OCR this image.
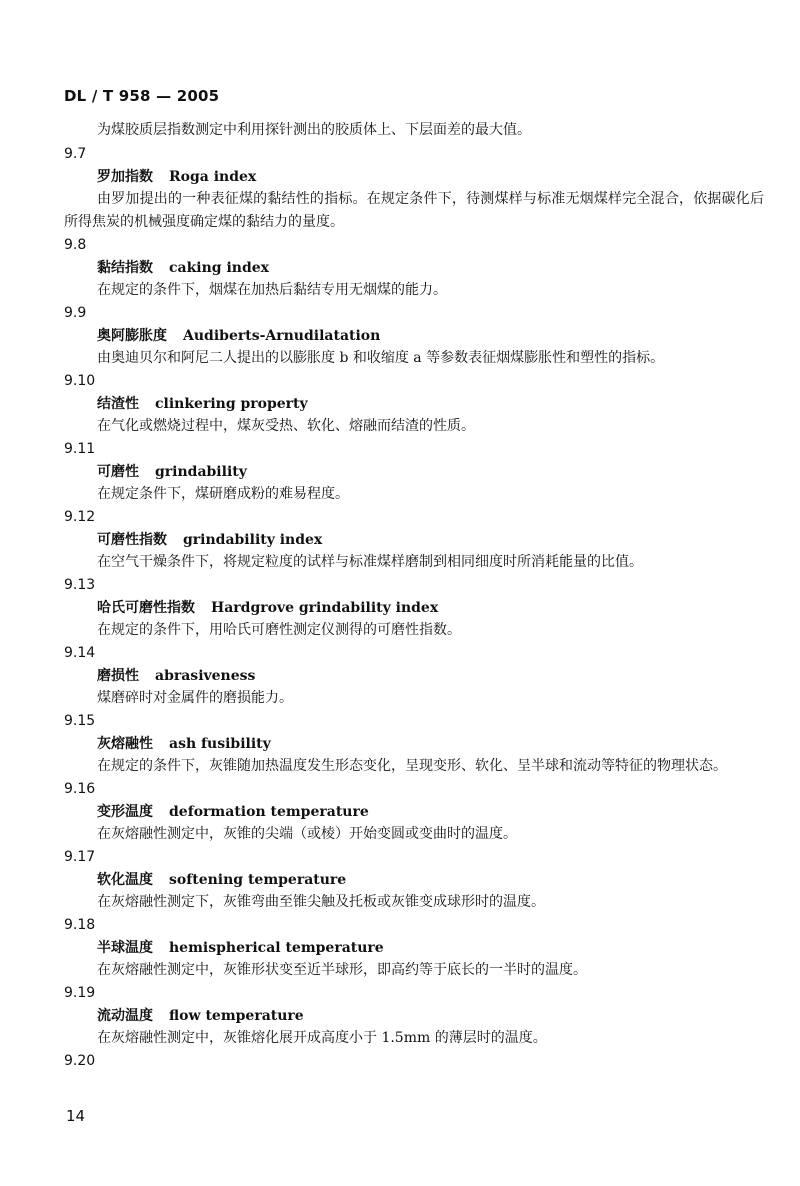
DL / T 958 — 2005
为煤胶质层指数测定中利用探针测出的胶质体上、下层面差的最大值。
9.7
罗加指数 Roga index
由罗加提出的一种表征煤的黏结性的指标。在规定条件下，待测煤样与标准无烟煤样完全混合，依据碳化后所得焦炭的机械强度确定煤的黏结力的量度。
9.8
黏结指数 caking index
在规定的条件下，烟煤在加热后黏结专用无烟煤的能力。
9.9
奥阿膨胀度 Audiberts-Arnudilatation
由奥迪贝尔和阿尼二人提出的以膨胀度 b 和收缩度 a 等参数表征烟煤膨胀性和塑性的指标。
9.10
结渣性 clinkering property
在气化或燃烧过程中，煤灰受热、软化、熔融而结渣的性质。
9.11
可磨性 grindability
在规定条件下，煤研磨成粉的难易程度。
9.12
可磨性指数 grindability index
在空气干燥条件下，将规定粒度的试样与标准煤样磨制到相同细度时所消耗能量的比值。
9.13
哈氏可磨性指数 Hardgrove grindability index
在规定的条件下，用哈氏可磨性测定仪测得的可磨性指数。
9.14
磨损性 abrasiveness
煤磨碎时对金属件的磨损能力。
9.15
灰熔融性 ash fusibility
在规定的条件下，灰锥随加热温度发生形态变化，呈现变形、软化、呈半球和流动等特征的物理状态。
9.16
变形温度 deformation temperature
在灰熔融性测定中，灰锥的尖端（或棱）开始变圆或变曲时的温度。
9.17
软化温度 softening temperature
在灰熔融性测定下，灰锥弯曲至锥尖触及托板或灰锥变成球形时的温度。
9.18
半球温度 hemispherical temperature
在灰熔融性测定中，灰锥形状变至近半球形，即高约等于底长的一半时的温度。
9.19
流动温度 flow temperature
在灰熔融性测定中，灰锥熔化展开成高度小于 1.5mm 的薄层时的温度。
9.20
14
